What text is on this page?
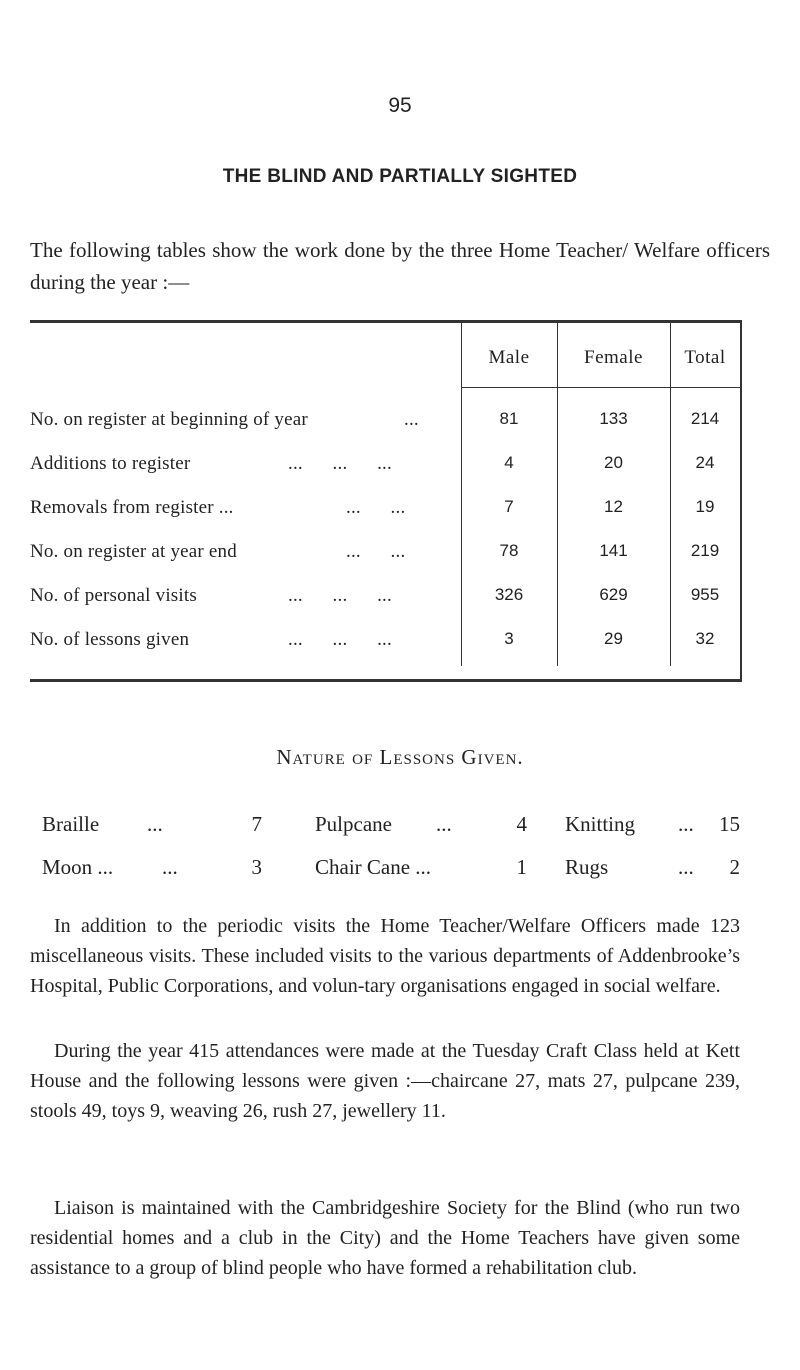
95
THE BLIND AND PARTIALLY SIGHTED
The following tables show the work done by the three Home Teacher/ Welfare officers during the year :—
Male	Female	Total
No. on register at beginning of year	...	81	133	214
Additions to register	...      ...      ...	4	20	24
Removals from register ...	...      ...	7	12	19
No. on register at year end	...      ...	78	141	219
No. of personal visits	...      ...      ...	326	629	955
No. of lessons given	...      ...      ...	3	29	32
Nature of Lessons Given.
Braille ...	7	Pulpcane ...	4 Knitting ...	15
Moon ... ...	3	Chair Cane ...	1 Rugs	...	2

In addition to the periodic visits the Home Teacher/Welfare Officers made 123 miscellaneous visits. These included visits to the various departments of Addenbrooke’s Hospital, Public Corporations, and volun-tary organisations engaged in social welfare.

During the year 415 attendances were made at the Tuesday Craft Class held at Kett House and the following lessons were given :—chaircane 27, mats 27, pulpcane 239, stools 49, toys 9, weaving 26, rush 27, jewellery 11.

Liaison is maintained with the Cambridgeshire Society for the Blind (who run two residential homes and a club in the City) and the Home Teachers have given some assistance to a group of blind people who have formed a rehabilitation club.
